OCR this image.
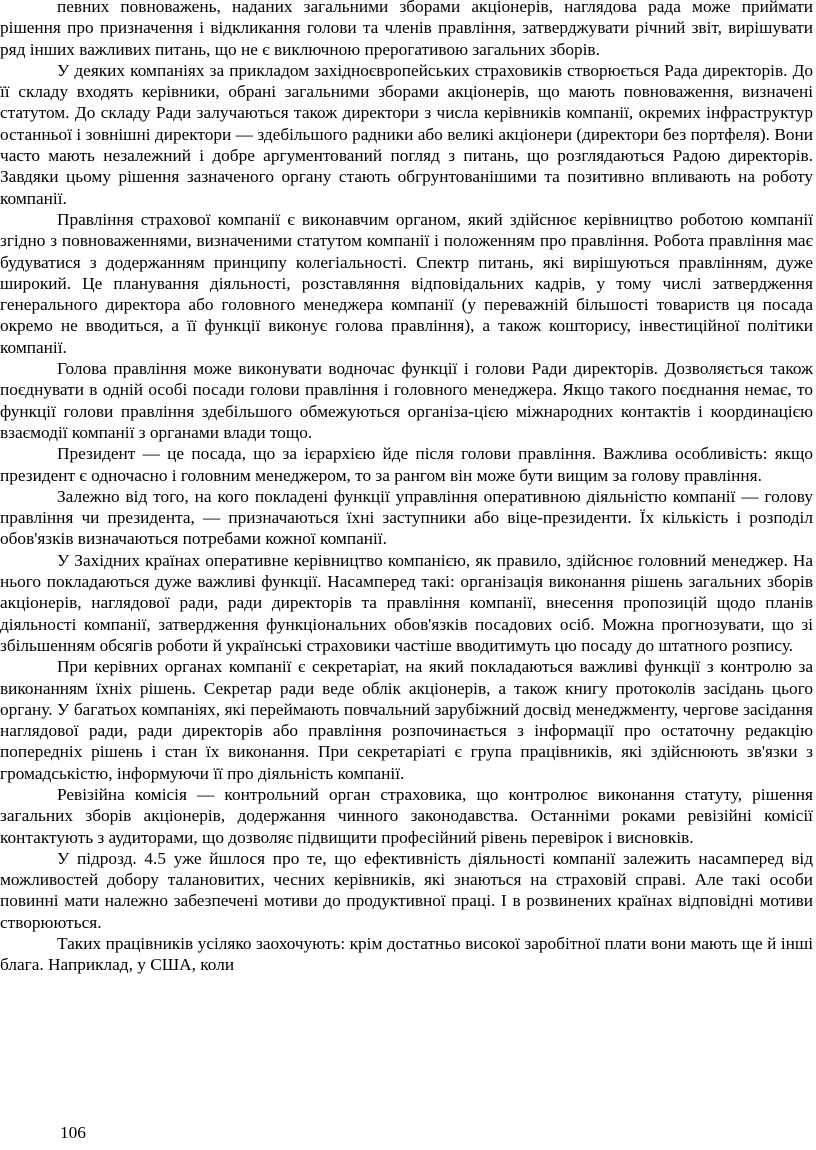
певних повноважень, наданих загальними зборами акціонерів, наглядова рада може приймати рішення про призначення і відкликання голови та членів правління, затверджувати річний звіт, вирішувати ряд інших важливих питань, що не є виключною прерогативою загальних зборів.

У деяких компаніях за прикладом західноєвропейських страховиків створюється Рада директорів. До її складу входять керівники, обрані загальними зборами акціонерів, що мають повноваження, визначені статутом. До складу Ради залучаються також директори з числа керівників компанії, окремих інфраструктур останньої і зовнішні директори — здебільшого радники або великі акціонери (директори без портфеля). Вони часто мають незалежний і добре аргументований погляд з питань, що розглядаються Радою директорів. Завдяки цьому рішення зазначеного органу стають обгрунтованішими та позитивно впливають на роботу компанії.

Правління страхової компанії є виконавчим органом, який здійснює керівництво роботою компанії згідно з повноваженнями, визначеними статутом компанії і положенням про правління. Робота правління має будуватися з додержанням принципу колегіальності. Спектр питань, які вирішуються правлінням, дуже широкий. Це планування діяльності, розставляння відповідальних кадрів, у тому числі затвердження генерального директора або головного менеджера компанії (у переважній більшості товариств ця посада окремо не вводиться, а її функції виконує голова правління), а також кошторису, інвестиційної політики компанії.

Голова правління може виконувати водночас функції і голови Ради директорів. Дозволяється також поєднувати в одній особі посади голови правління і головного менеджера. Якщо такого поєднання немає, то функції голови правління здебільшого обмежуються організа-цією міжнародних контактів і координацією взаємодії компанії з органами влади тощо.

Президент — це посада, що за ієрархією йде після голови правління. Важлива особливість: якщо президент є одночасно і головним менеджером, то за рангом він може бути вищим за голову правління.

Залежно від того, на кого покладені функції управління оперативною діяльністю компанії — голову правління чи президента, — призначаються їхні заступники або віце-президенти. Їх кількість і розподіл обов'язків визначаються потребами кожної компанії.

У Західних країнах оперативне керівництво компанією, як правило, здійснює головний менеджер. На нього покладаються дуже важливі функції. Насамперед такі: організація виконання рішень загальних зборів акціонерів, наглядової ради, ради директорів та правління компанії, внесення пропозицій щодо планів діяльності компанії, затвердження функціональних обов'язків посадових осіб. Можна прогнозувати, що зі збільшенням обсягів роботи й українські страховики частіше вводитимуть цю посаду до штатного розпису.

При керівних органах компанії є секретаріат, на який покладаються важливі функції з контролю за виконанням їхніх рішень. Секретар ради веде облік акціонерів, а також книгу протоколів засідань цього органу. У багатьох компаніях, які переймають повчальний зарубіжний досвід менеджменту, чергове засідання наглядової ради, ради директорів або правління розпочинається з інформації про остаточну редакцію попередніх рішень і стан їх виконання. При секретаріаті є група працівників, які здійснюють зв'язки з громадськістю, інформуючи її про діяльність компанії.

Ревізійна комісія — контрольний орган страховика, що контролює виконання статуту, рішення загальних зборів акціонерів, додержання чинного законодавства. Останніми роками ревізійні комісії контактують з аудиторами, що дозволяє підвищити професійний рівень перевірок і висновків.

У підрозд. 4.5 уже йшлося про те, що ефективність діяльності компанії залежить насамперед від можливостей добору талановитих, чесних керівників, які знаються на страховій справі. Але такі особи повинні мати належно забезпечені мотиви до продуктивної праці. І в розвинених країнах відповідні мотиви створюються.

Таких працівників усіляко заохочують: крім достатньо високої заробітної плати вони мають ще й інші блага. Наприклад, у США, коли

106
